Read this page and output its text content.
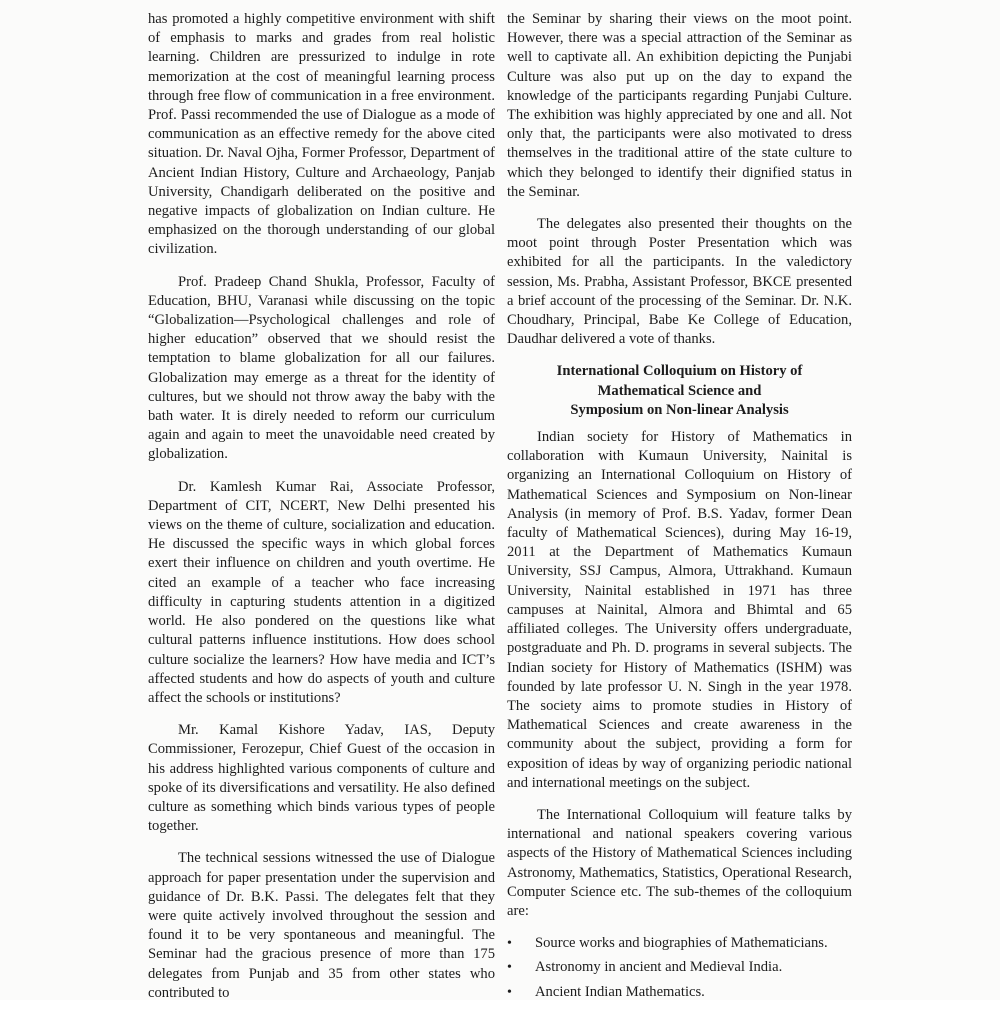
has promoted a highly competitive environment with shift of emphasis to marks and grades from real holistic learning. Children are pressurized to indulge in rote memorization at the cost of meaningful learning process through free flow of communication in a free environment. Prof. Passi recommended the use of Dialogue as a mode of communication as an effective remedy for the above cited situation. Dr. Naval Ojha, Former Professor, Department of Ancient Indian History, Culture and Archaeology, Panjab University, Chandigarh deliberated on the positive and negative impacts of globalization on Indian culture. He emphasized on the thorough understanding of our global civilization.

Prof. Pradeep Chand Shukla, Professor, Faculty of Education, BHU, Varanasi while discussing on the topic “Globalization—Psychological challenges and role of higher education” observed that we should resist the temptation to blame globalization for all our failures. Globalization may emerge as a threat for the identity of cultures, but we should not throw away the baby with the bath water. It is direly needed to reform our curriculum again and again to meet the unavoidable need created by globalization.

Dr. Kamlesh Kumar Rai, Associate Professor, Department of CIT, NCERT, New Delhi presented his views on the theme of culture, socialization and education. He discussed the specific ways in which global forces exert their influence on children and youth overtime. He cited an example of a teacher who face increasing difficulty in capturing students attention in a digitized world. He also pondered on the questions like what cultural patterns influence institutions. How does school culture socialize the learners? How have media and ICT’s affected students and how do aspects of youth and culture affect the schools or institutions?

Mr. Kamal Kishore Yadav, IAS, Deputy Commissioner, Ferozepur, Chief Guest of the occasion in his address highlighted various components of culture and spoke of its diversifications and versatility. He also defined culture as something which binds various types of people together.

The technical sessions witnessed the use of Dialogue approach for paper presentation under the supervision and guidance of Dr. B.K. Passi. The delegates felt that they were quite actively involved throughout the session and found it to be very spontaneous and meaningful. The Seminar had the gracious presence of more than 175 delegates from Punjab and 35 from other states who contributed to

the Seminar by sharing their views on the moot point. However, there was a special attraction of the Seminar as well to captivate all. An exhibition depicting the Punjabi Culture was also put up on the day to expand the knowledge of the participants regarding Punjabi Culture. The exhibition was highly appreciated by one and all. Not only that, the participants were also motivated to dress themselves in the traditional attire of the state culture to which they belonged to identify their dignified status in the Seminar.

The delegates also presented their thoughts on the moot point through Poster Presentation which was exhibited for all the participants. In the valedictory session, Ms. Prabha, Assistant Professor, BKCE presented a brief account of the processing of the Seminar. Dr. N.K. Choudhary, Principal, Babe Ke College of Education, Daudhar delivered a vote of thanks.

International Colloquium on History of
Mathematical Science and
Symposium on Non-linear Analysis

Indian society for History of Mathematics in collaboration with Kumaun University, Nainital is organizing an International Colloquium on History of Mathematical Sciences and Symposium on Non-linear Analysis (in memory of Prof. B.S. Yadav, former Dean faculty of Mathematical Sciences), during May 16-19, 2011 at the Department of Mathematics Kumaun University, SSJ Campus, Almora, Uttrakhand. Kumaun University, Nainital established in 1971 has three campuses at Nainital, Almora and Bhimtal and 65 affiliated colleges. The University offers undergraduate, postgraduate and Ph. D. programs in several subjects. The Indian society for History of Mathematics (ISHM) was founded by late professor U. N. Singh in the year 1978. The society aims to promote studies in History of Mathematical Sciences and create awareness in the community about the subject, providing a form for exposition of ideas by way of organizing periodic national and international meetings on the subject.

The International Colloquium will feature talks by international and national speakers covering various aspects of the History of Mathematical Sciences including Astronomy, Mathematics, Statistics, Operational Research, Computer Science etc. The sub-themes of the colloquium are:

• Source works and biographies of Mathematicians.
• Astronomy in ancient and Medieval India.
• Ancient Indian Mathematics.
